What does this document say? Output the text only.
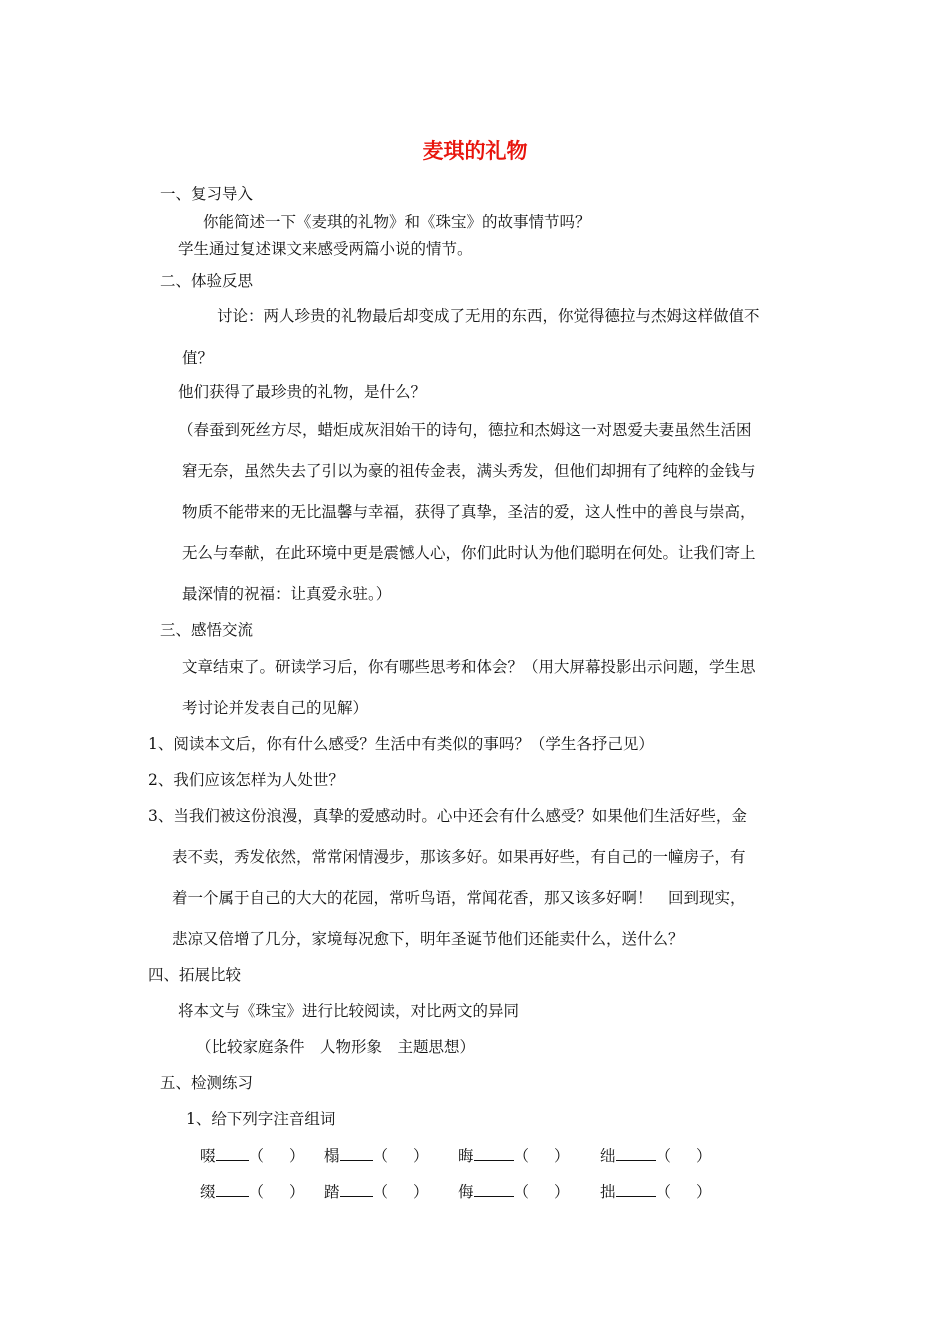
麦琪的礼物
一、复习导入
你能简述一下《麦琪的礼物》和《珠宝》的故事情节吗？
学生通过复述课文来感受两篇小说的情节。
二、体验反思
讨论：两人珍贵的礼物最后却变成了无用的东西，你觉得德拉与杰姆这样做值不
值？
他们获得了最珍贵的礼物，是什么？
（春蚕到死丝方尽，蜡炬成灰泪始干的诗句，德拉和杰姆这一对恩爱夫妻虽然生活困
窘无奈，虽然失去了引以为豪的祖传金表，满头秀发，但他们却拥有了纯粹的金钱与
物质不能带来的无比温馨与幸福，获得了真挚，圣洁的爱，这人性中的善良与崇高，
无么与奉献，在此环境中更是震憾人心，你们此时认为他们聪明在何处。让我们寄上
最深情的祝福：让真爱永驻。）
三、感悟交流
文章结束了。研读学习后，你有哪些思考和体会？（用大屏幕投影出示问题，学生思
考讨论并发表自己的见解）
1、阅读本文后，你有什么感受？生活中有类似的事吗？（学生各抒己见）
2、我们应该怎样为人处世？
3、当我们被这份浪漫，真挚的爱感动时。心中还会有什么感受？如果他们生活好些，金
表不卖，秀发依然，常常闲情漫步，那该多好。如果再好些，有自己的一幢房子，有
着一个属于自己的大大的花园，常听鸟语，常闻花香，那又该多好啊！　回到现实，
悲凉又倍增了几分，家境每况愈下，明年圣诞节他们还能卖什么，送什么？
四、拓展比较
将本文与《珠宝》进行比较阅读，对比两文的异同
（比较家庭条件　人物形象　主题思想）
五、检测练习
1、给下列字注音组词
啜 （ ） 榻 （ ） 晦	（ ） 绌	（ ）
缀 （ ） 踏 （ ） 侮	（ ） 拙	（ ）
